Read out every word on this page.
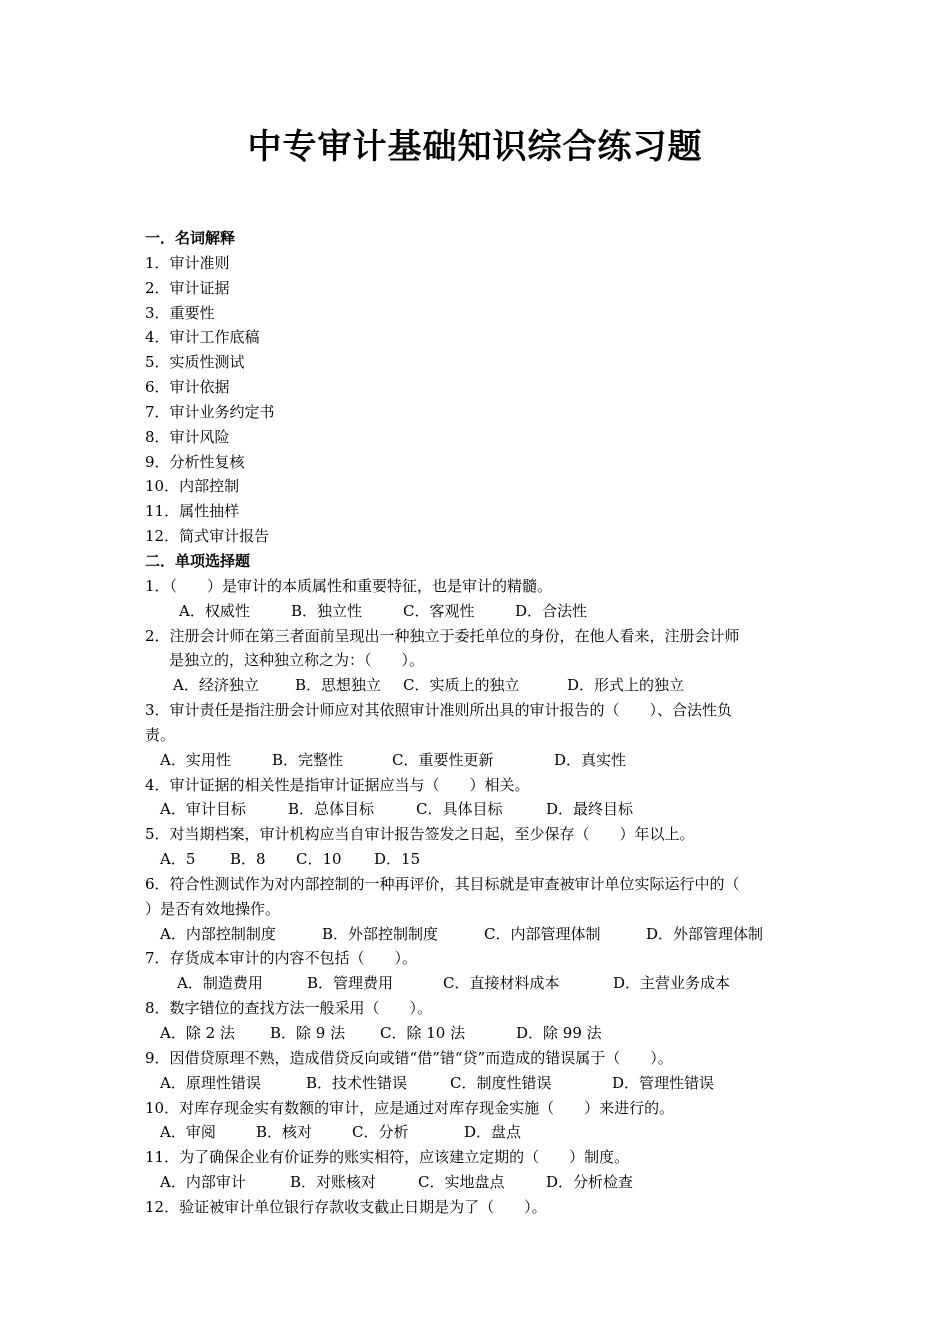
中专审计基础知识综合练习题
一．名词解释
1．审计准则
2．审计证据
3．重要性
4．审计工作底稿
5．实质性测试
6．审计依据
7．审计业务约定书
8．审计风险
9．分析性复核
10．内部控制
11．属性抽样
12．简式审计报告
二．单项选择题
1．（　　）是审计的本质属性和重要特征，也是审计的精髓。
A．权威性	B．独立性	C．客观性	D．合法性
2．注册会计师在第三者面前呈现出一种独立于委托单位的身份，在他人看来，注册会计师
是独立的，这种独立称之为：（　　）。
A．经济独立	B．思想独立	C．实质上的独立	D．形式上的独立
3．审计责任是指注册会计师应对其依照审计准则所出具的审计报告的（　　）、合法性负
责。
A．实用性	B．完整性	C．重要性更新	D．真实性
4．审计证据的相关性是指审计证据应当与（　　）相关。
A．审计目标	B．总体目标	C．具体目标	D．最终目标
5．对当期档案，审计机构应当自审计报告签发之日起，至少保存（　　）年以上。
A．5	B．8	C．10	D．15
6．符合性测试作为对内部控制的一种再评价，其目标就是审查被审计单位实际运行中的（
）是否有效地操作。
A．内部控制制度	B．外部控制制度	C．内部管理体制	D．外部管理体制
7．存货成本审计的内容不包括（　　）。
A．制造费用	B．管理费用	C．直接材料成本	D．主营业务成本
8．数字错位的查找方法一般采用（　　）。
A．除 2 法	B．除 9 法	C．除 10 法	D．除 99 法
9．因借贷原理不熟，造成借贷反向或错“借”错“贷”而造成的错误属于（　　）。
A．原理性错误	B．技术性错误	C．制度性错误	D．管理性错误
10．对库存现金实有数额的审计，应是通过对库存现金实施（　　）来进行的。
A．审阅	B．核对	C．分析	D．盘点
11．为了确保企业有价证券的账实相符，应该建立定期的（　　）制度。
A．内部审计	B．对账核对	C．实地盘点	D．分析检查
12．验证被审计单位银行存款收支截止日期是为了（　　）。
